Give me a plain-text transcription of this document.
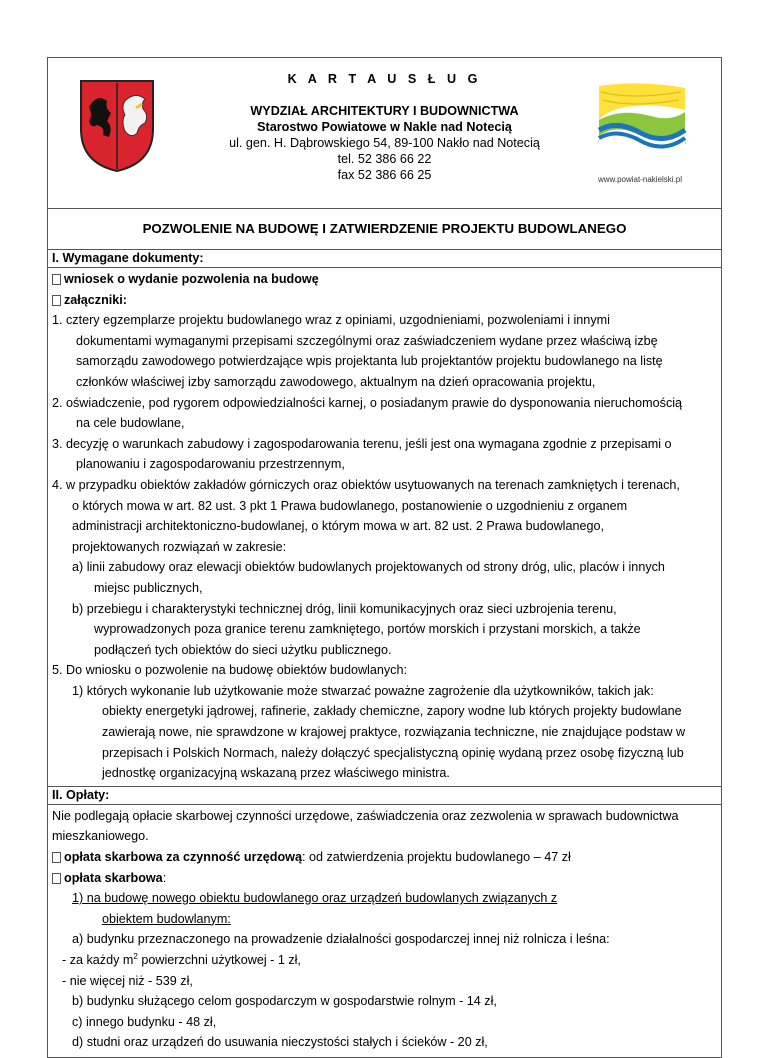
K A R T A U S Ł U G
WYDZIAŁ ARCHITEKTURY I BUDOWNICTWA
Starostwo Powiatowe w Nakle nad Notecią
ul. gen. H. Dąbrowskiego 54, 89-100 Nakło nad Notecią
tel. 52 386 66 22
fax 52 386 66 25	www.powiat-nakielski.pl
POZWOLENIE NA BUDOWĘ I ZATWIERDZENIE PROJEKTU BUDOWLANEGO
I. Wymagane dokumenty:
wniosek o wydanie pozwolenia na budowę
załączniki:
1. cztery egzemplarze projektu budowlanego wraz z opiniami, uzgodnieniami, pozwoleniami i innymi
dokumentami wymaganymi przepisami szczególnymi oraz zaświadczeniem wydane przez właściwą izbę
samorządu zawodowego potwierdzające wpis projektanta lub projektantów projektu budowlanego na listę
członków właściwej izby samorządu zawodowego, aktualnym na dzień opracowania projektu,
2. oświadczenie, pod rygorem odpowiedzialności karnej, o posiadanym prawie do dysponowania nieruchomością
na cele budowlane,
3. decyzję o warunkach zabudowy i zagospodarowania terenu, jeśli jest ona wymagana zgodnie z przepisami o
planowaniu i zagospodarowaniu przestrzennym,
4. w przypadku obiektów zakładów górniczych oraz obiektów usytuowanych na terenach zamkniętych i terenach,
o których mowa w art. 82 ust. 3 pkt 1 Prawa budowlanego, postanowienie o uzgodnieniu z organem
administracji architektoniczno-budowlanej, o którym mowa w art. 82 ust. 2 Prawa budowlanego,
projektowanych rozwiązań w zakresie:
a) linii zabudowy oraz elewacji obiektów budowlanych projektowanych od strony dróg, ulic, placów i innych
miejsc publicznych,
b) przebiegu i charakterystyki technicznej dróg, linii komunikacyjnych oraz sieci uzbrojenia terenu,
wyprowadzonych poza granice terenu zamkniętego, portów morskich i przystani morskich, a także
podłączeń tych obiektów do sieci użytku publicznego.
5. Do wniosku o pozwolenie na budowę obiektów budowlanych:
1) których wykonanie lub użytkowanie może stwarzać poważne zagrożenie dla użytkowników, takich jak:
obiekty energetyki jądrowej, rafinerie, zakłady chemiczne, zapory wodne lub których projekty budowlane
zawierają nowe, nie sprawdzone w krajowej praktyce, rozwiązania techniczne, nie znajdujące podstaw w
przepisach i Polskich Normach, należy dołączyć specjalistyczną opinię wydaną przez osobę fizyczną lub
jednostkę organizacyjną wskazaną przez właściwego ministra.
II. Opłaty:
Nie podlegają opłacie skarbowej czynności urzędowe, zaświadczenia oraz zezwolenia w sprawach budownictwa
mieszkaniowego.
opłata skarbowa za czynność urzędową: od zatwierdzenia projektu budowlanego – 47 zł
opłata skarbowa:
1) na budowę nowego obiektu budowlanego oraz urządzeń budowlanych związanych z
obiektem budowlanym:
a) budynku przeznaczonego na prowadzenie działalności gospodarczej innej niż rolnicza i leśna:
- za każdy $m^2$ powierzchni użytkowej - 1 zł,
- nie więcej niż - 539 zł,
b) budynku służącego celom gospodarczym w gospodarstwie rolnym - 14 zł,
c) innego budynku - 48 zł,
d) studni oraz urządzeń do usuwania nieczystości stałych i ścieków - 20 zł,
